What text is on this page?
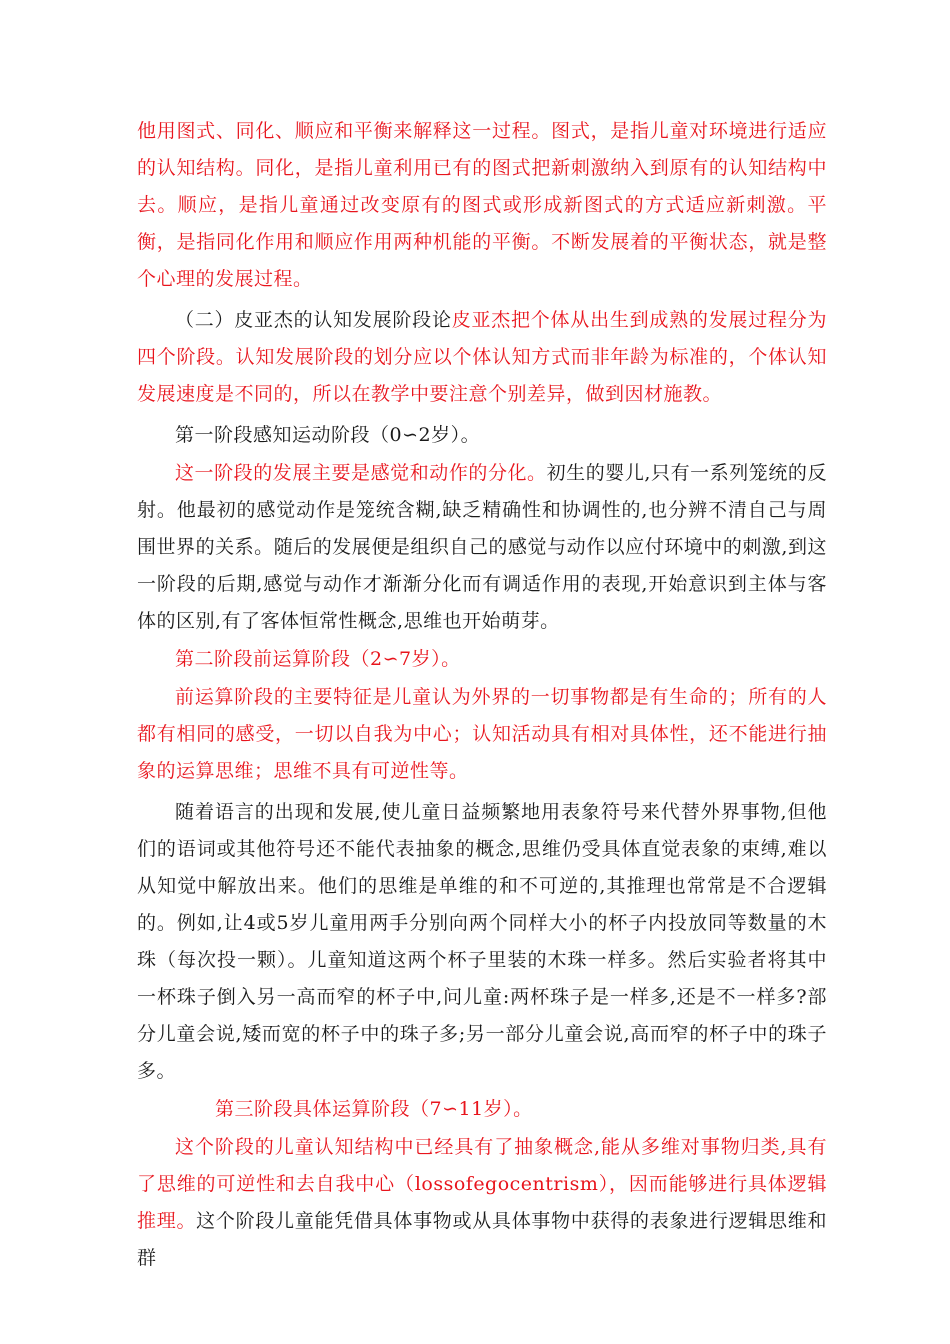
他用图式、同化、顺应和平衡来解释这一过程。图式，是指儿童对环境进行适应的认知结构。同化，是指儿童利用已有的图式把新刺激纳入到原有的认知结构中去。顺应，是指儿童通过改变原有的图式或形成新图式的方式适应新刺激。平衡，是指同化作用和顺应作用两种机能的平衡。不断发展着的平衡状态，就是整个心理的发展过程。

（二）皮亚杰的认知发展阶段论皮亚杰把个体从出生到成熟的发展过程分为四个阶段。认知发展阶段的划分应以个体认知方式而非年龄为标准的，个体认知发展速度是不同的，所以在教学中要注意个别差异，做到因材施教。

第一阶段感知运动阶段（0∽2岁）。

这一阶段的发展主要是感觉和动作的分化。初生的婴儿,只有一系列笼统的反射。他最初的感觉动作是笼统含糊,缺乏精确性和协调性的,也分辨不清自己与周围世界的关系。随后的发展便是组织自己的感觉与动作以应付环境中的刺激,到这一阶段的后期,感觉与动作才渐渐分化而有调适作用的表现,开始意识到主体与客体的区别,有了客体恒常性概念,思维也开始萌芽。

第二阶段前运算阶段（2∽7岁）。

前运算阶段的主要特征是儿童认为外界的一切事物都是有生命的；所有的人都有相同的感受，一切以自我为中心；认知活动具有相对具体性，还不能进行抽象的运算思维；思维不具有可逆性等。

随着语言的出现和发展,使儿童日益频繁地用表象符号来代替外界事物,但他们的语词或其他符号还不能代表抽象的概念,思维仍受具体直觉表象的束缚,难以从知觉中解放出来。他们的思维是单维的和不可逆的,其推理也常常是不合逻辑的。例如,让4或5岁儿童用两手分别向两个同样大小的杯子内投放同等数量的木珠（每次投一颗）。儿童知道这两个杯子里装的木珠一样多。然后实验者将其中一杯珠子倒入另一高而窄的杯子中,问儿童:两杯珠子是一样多,还是不一样多?部分儿童会说,矮而宽的杯子中的珠子多;另一部分儿童会说,高而窄的杯子中的珠子多。

第三阶段具体运算阶段（7∽11岁）。

这个阶段的儿童认知结构中已经具有了抽象概念,能从多维对事物归类,具有了思维的可逆性和去自我中心（lossofegocentrism），因而能够进行具体逻辑推理。这个阶段儿童能凭借具体事物或从具体事物中获得的表象进行逻辑思维和群
